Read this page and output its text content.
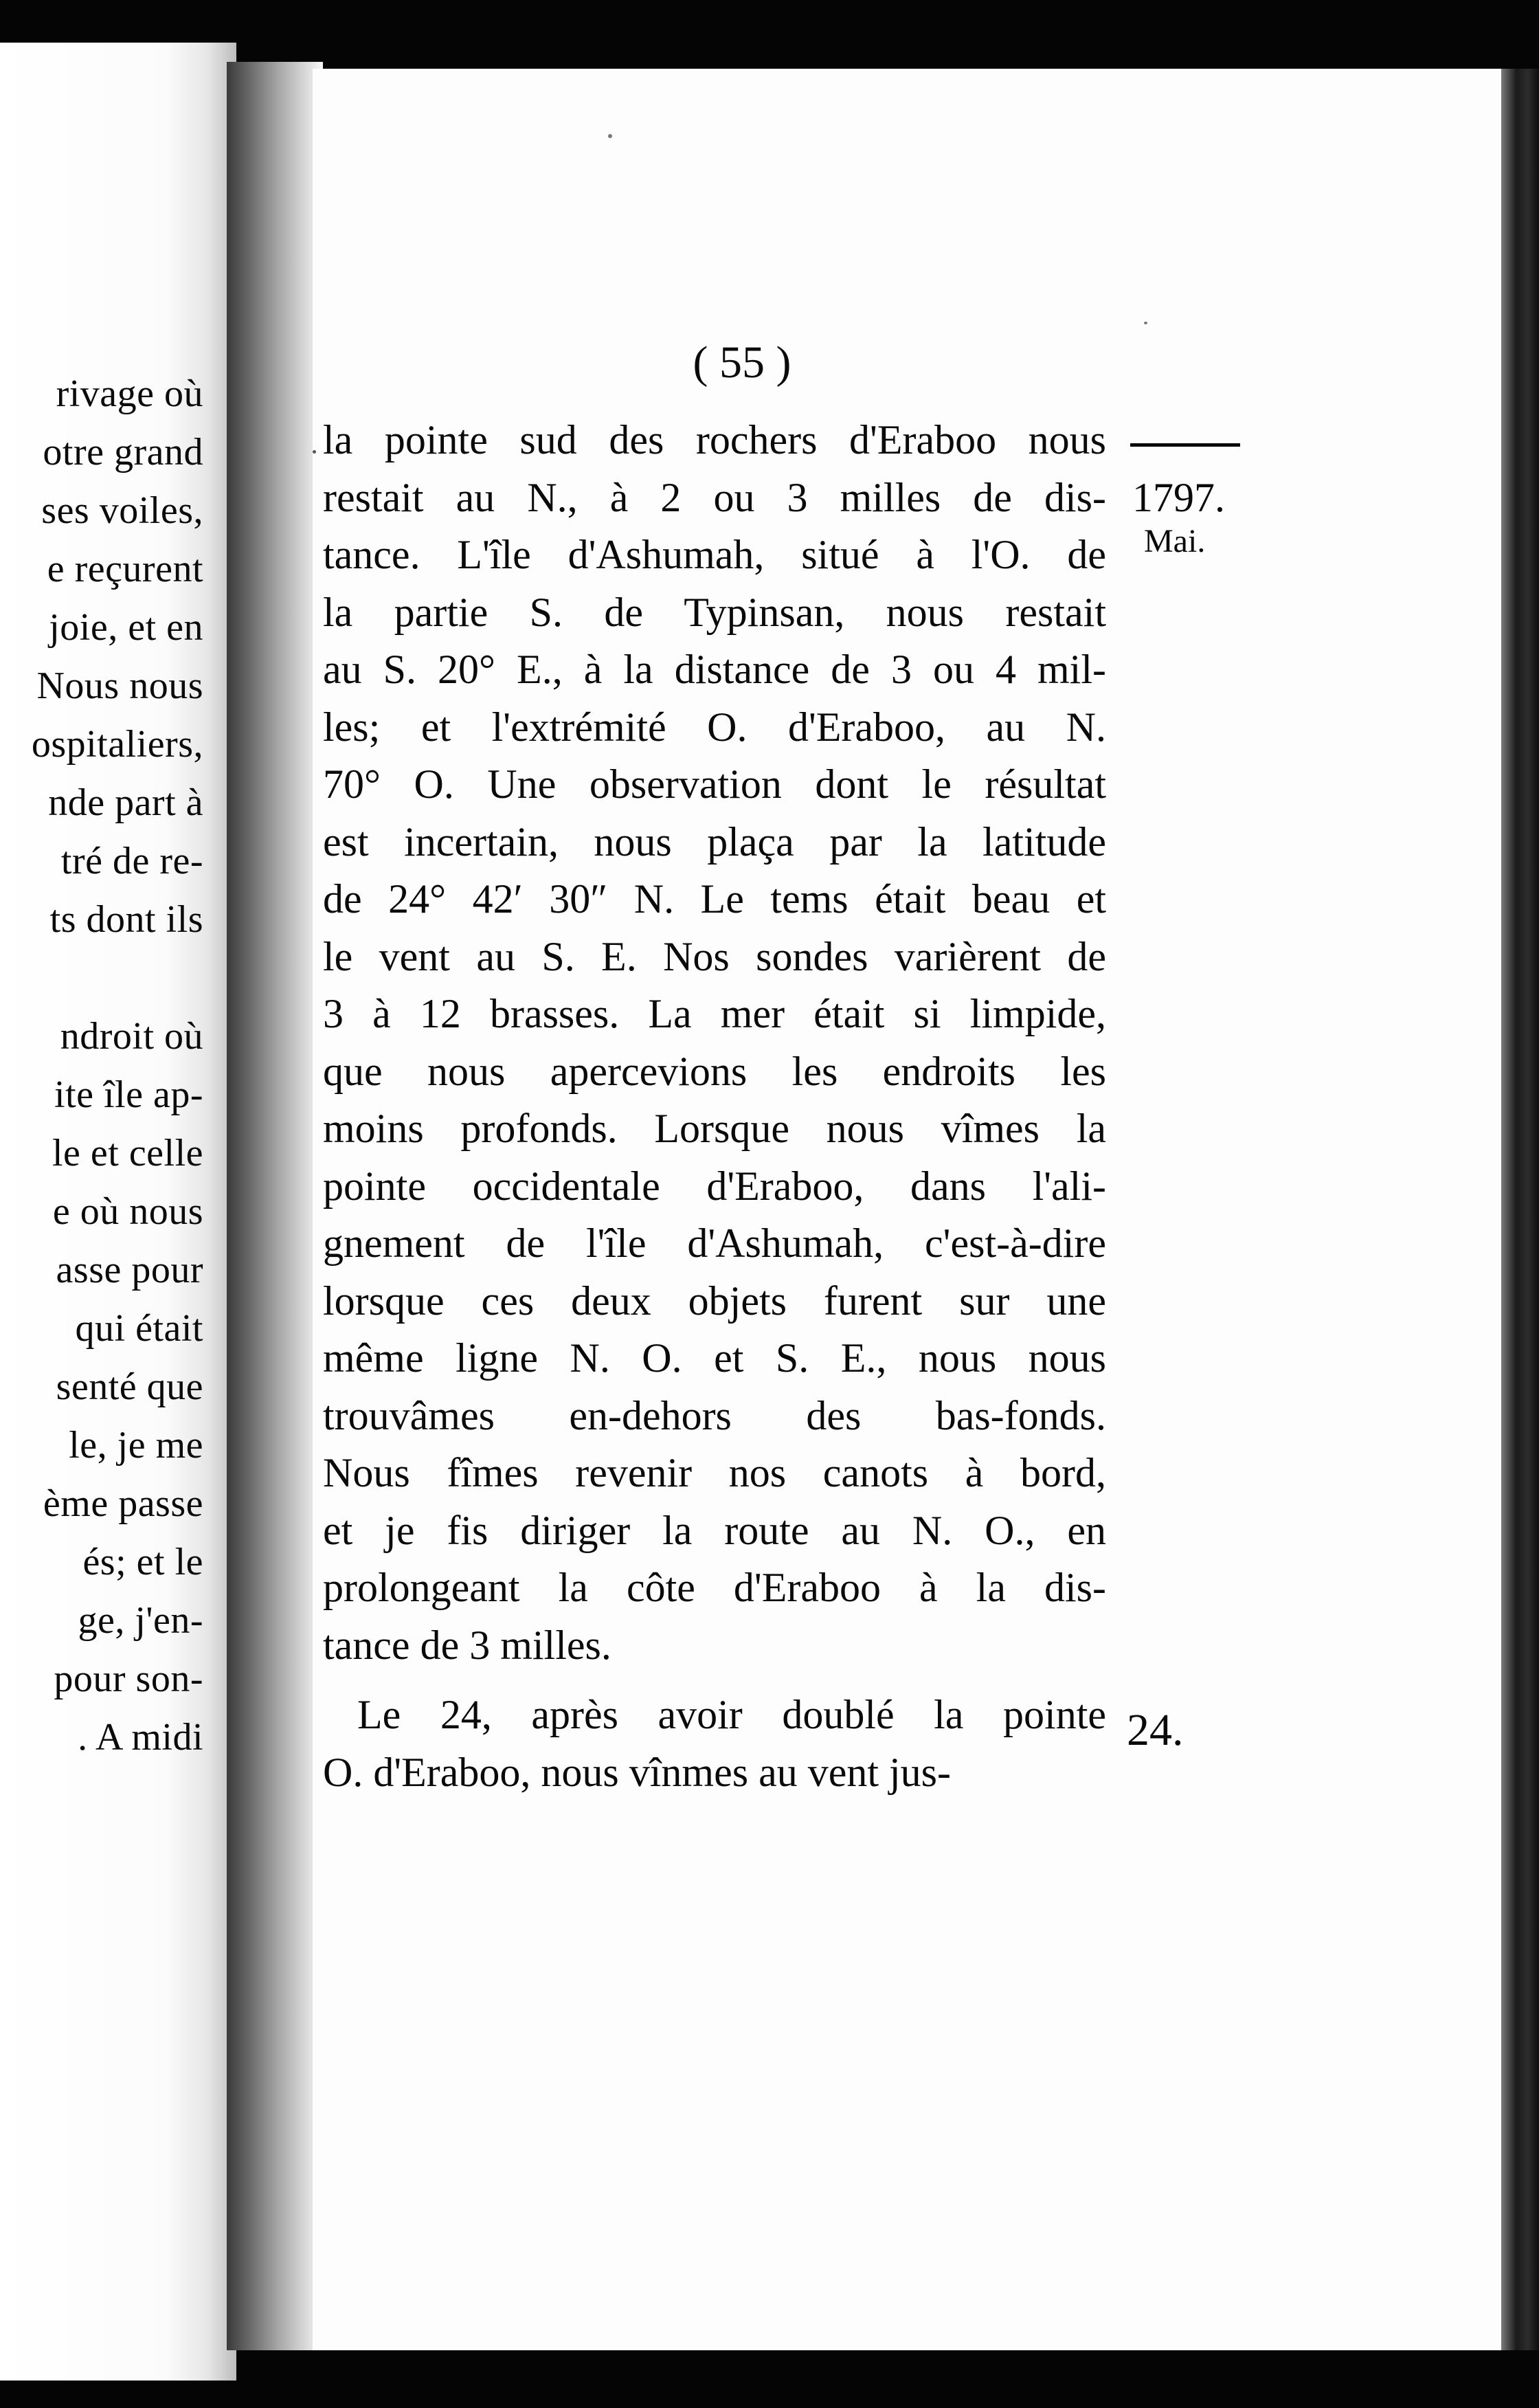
rivage où
otre grand
ses voiles,
e reçurent
joie, et en
Nous nous
ospitaliers,
nde part à
tré de re-
ts dont ils
ndroit où
ite île ap-
le et celle
e où nous
asse pour
qui était
senté que
le, je me
ème passe
és; et le
ge, j'en-
pour son-
. A midi
( 55 )
la pointe sud des rochers d'Eraboo nous
restait au N., à 2 ou 3 milles de dis-
tance. L'île d'Ashumah, situé à l'O. de
la partie S. de Typinsan, nous restait
au S. 20° E., à la distance de 3 ou 4 mil-
les; et l'extrémité O. d'Eraboo, au N.
70° O. Une observation dont le résultat
est incertain, nous plaça par la latitude
de 24° 42′ 30″ N. Le tems était beau et
le vent au S. E. Nos sondes varièrent de
3 à 12 brasses. La mer était si limpide,
que nous apercevions les endroits les
moins profonds. Lorsque nous vîmes la
pointe occidentale d'Eraboo, dans l'ali-
gnement de l'île d'Ashumah, c'est-à-dire
lorsque ces deux objets furent sur une
même ligne N. O. et S. E., nous nous
trouvâmes en-dehors des bas-fonds.
Nous fîmes revenir nos canots à bord,
et je fis diriger la route au N. O., en
prolongeant la côte d'Eraboo à la dis-
tance de 3 milles.
Le 24, après avoir doublé la pointe
O. d'Eraboo, nous vînmes au vent jus-
1797.
Mai.
24.
